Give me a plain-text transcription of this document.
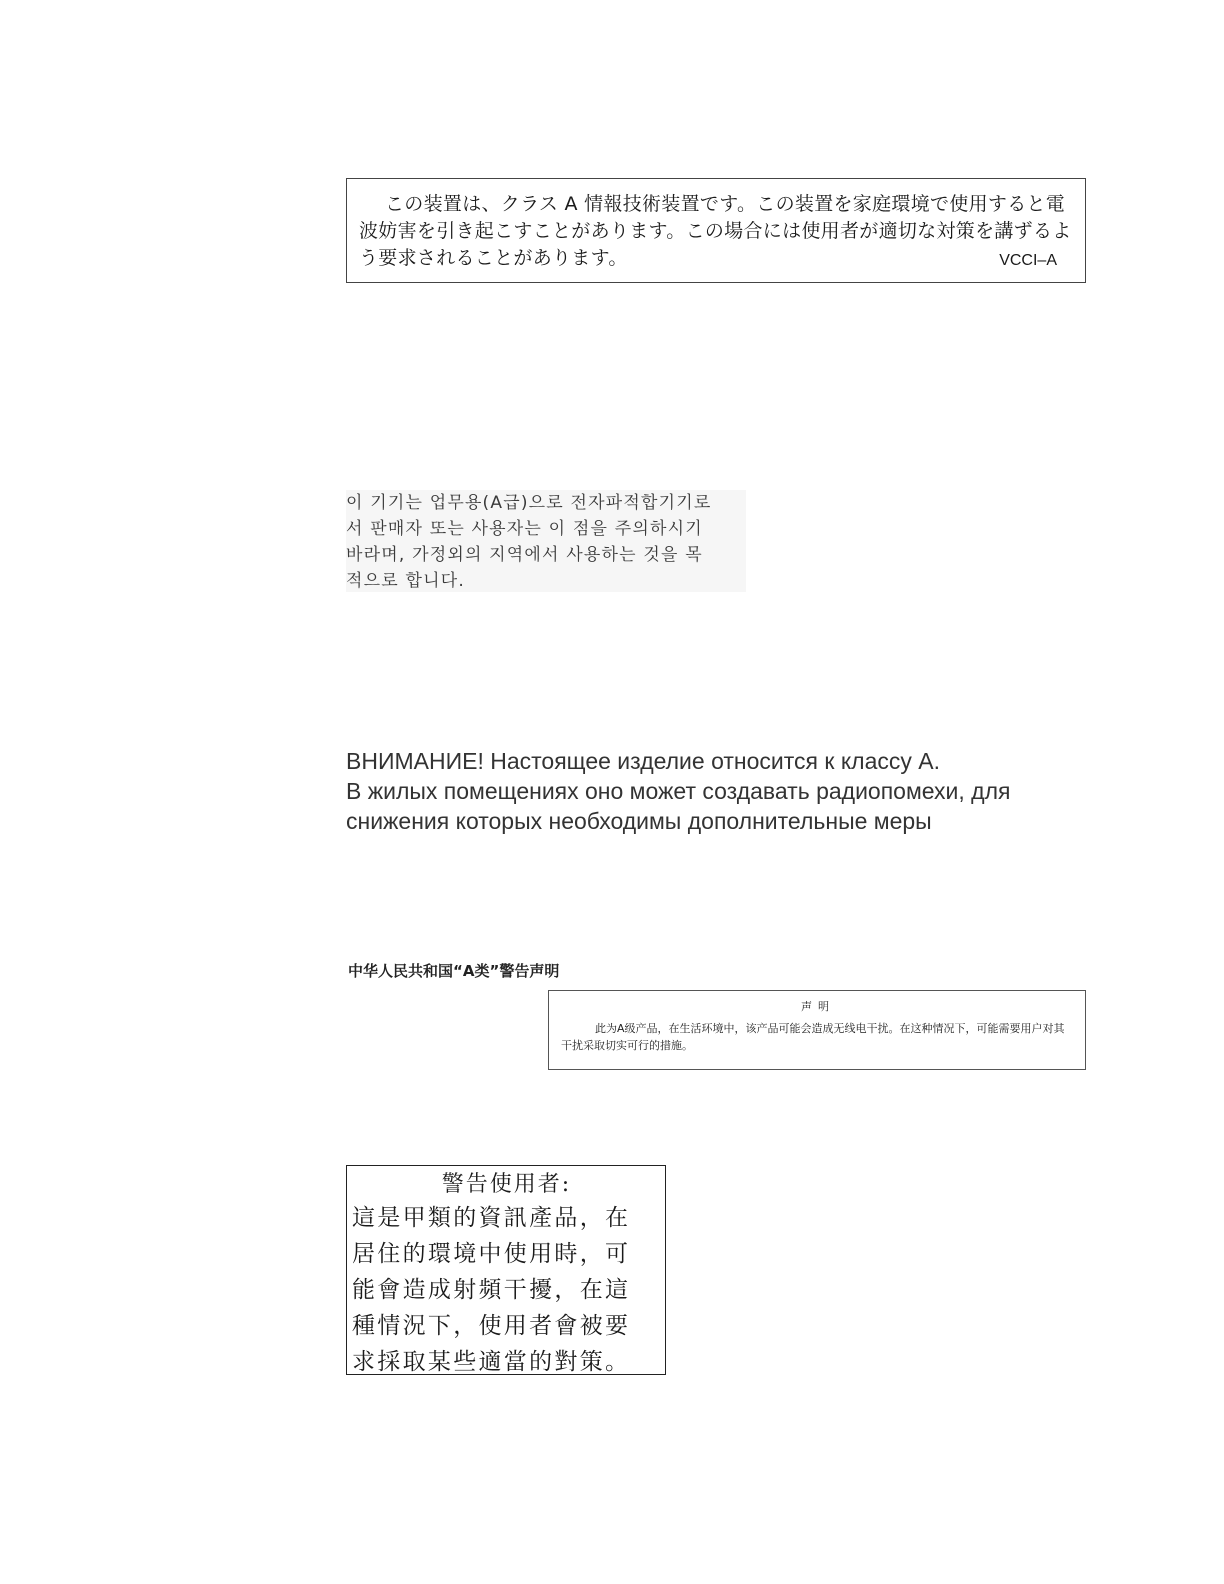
この装置は、クラス A 情報技術装置です。この装置を家庭環境で使用すると電波妨害を引き起こすことがあります。この場合には使用者が適切な対策を講ずるよう要求されることがあります。	VCCI–A

이 기기는 업무용(A급)으로 전자파적합기기로

서 판매자 또는 사용자는 이 점을 주의하시기

바라며, 가정외의 지역에서 사용하는 것을 목

적으로 합니다.

ВНИМАНИЕ! Настоящее изделие относится к классу А.

В жилых помещениях оно может создавать радиопомехи, для

снижения которых необходимы дополнительные меры

中华人民共和国“A类”警告声明

声明

此为A级产品，在生活环境中，该产品可能会造成无线电干扰。在这种情况下，可能需要用户对其干扰采取切实可行的措施。

警告使用者:

這是甲類的資訊產品，在

居住的環境中使用時，可

能會造成射頻干擾，在這

種情況下，使用者會被要

求採取某些適當的對策。
